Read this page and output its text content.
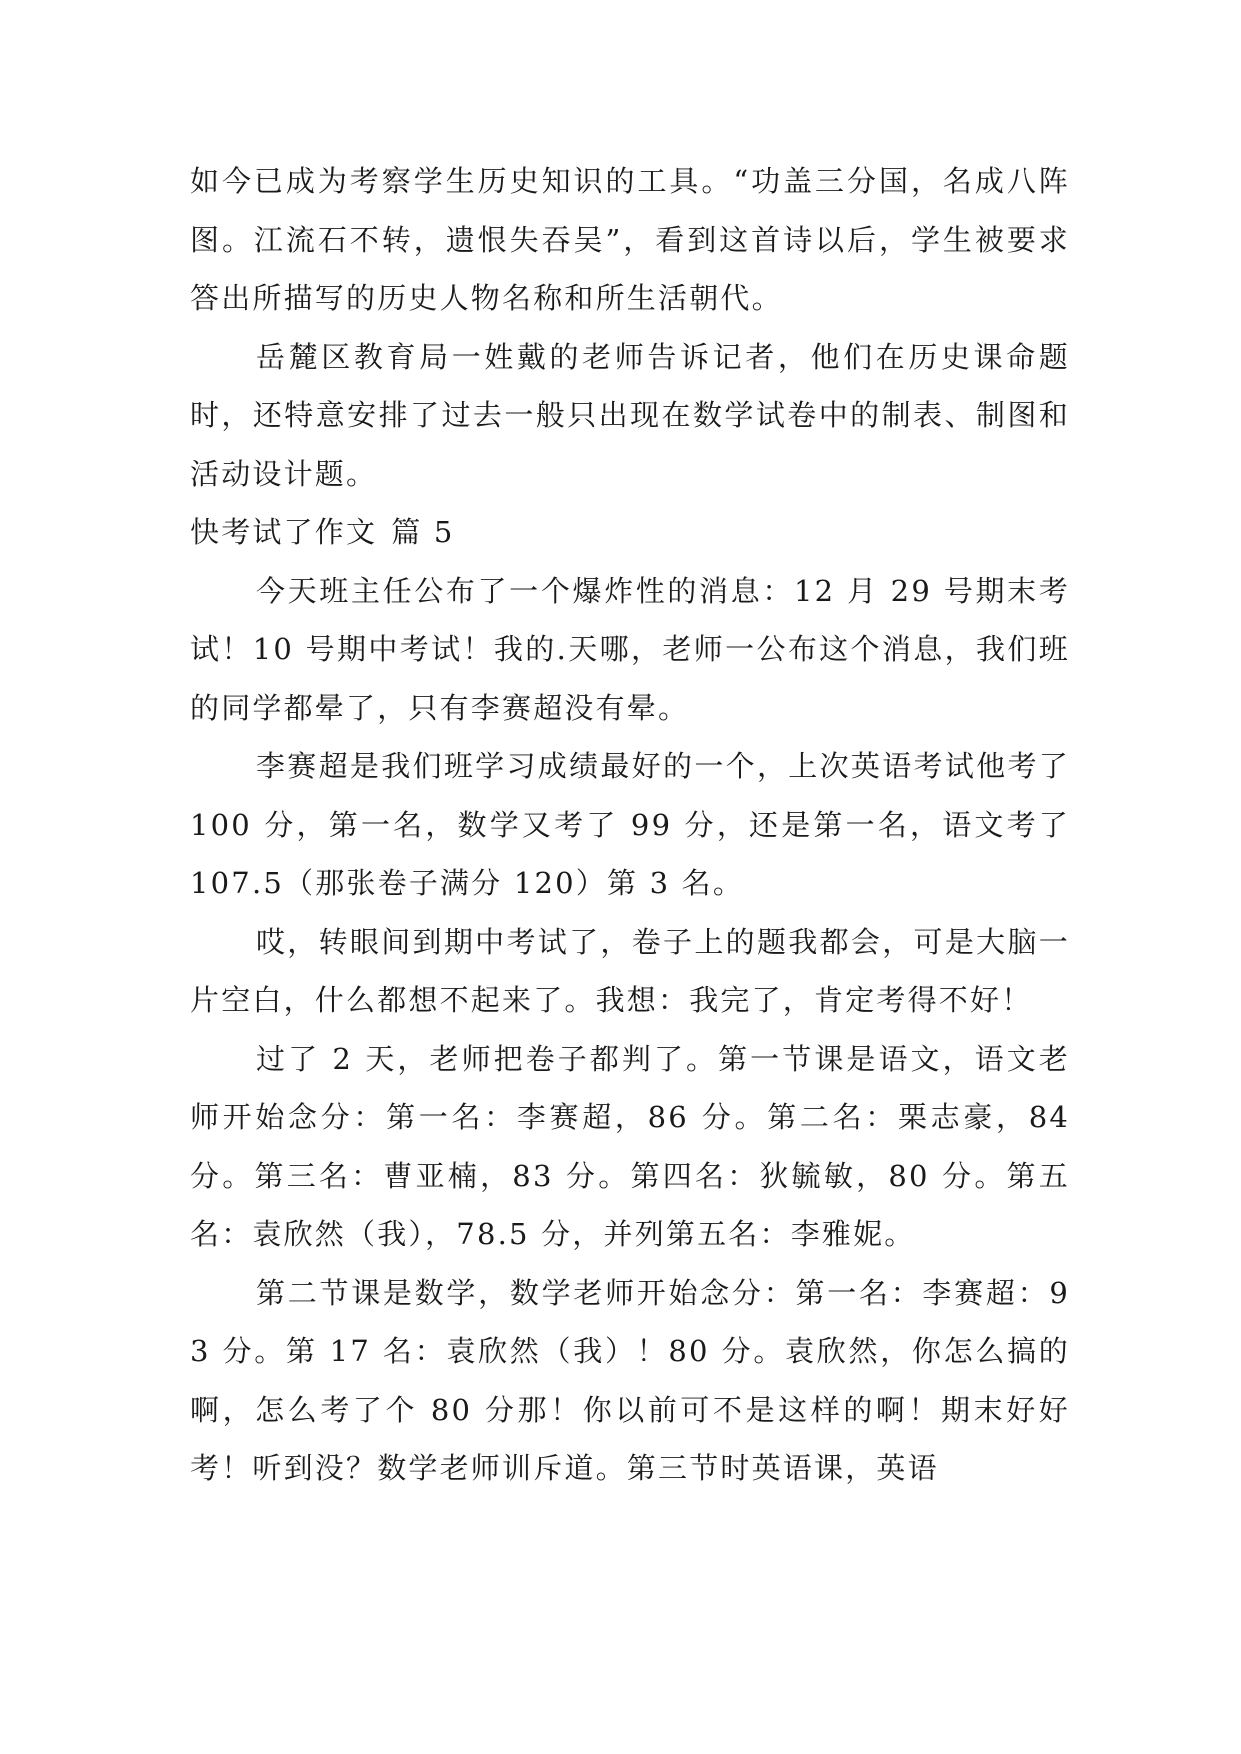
如今已成为考察学生历史知识的工具。“功盖三分国，名成八阵图。江流石不转，遗恨失吞吴”，看到这首诗以后，学生被要求答出所描写的历史人物名称和所生活朝代。

岳麓区教育局一姓戴的老师告诉记者，他们在历史课命题时，还特意安排了过去一般只出现在数学试卷中的制表、制图和活动设计题。

快考试了作文 篇 5

今天班主任公布了一个爆炸性的消息：12 月 29 号期末考试！10 号期中考试！我的.天哪，老师一公布这个消息，我们班的同学都晕了，只有李赛超没有晕。

李赛超是我们班学习成绩最好的一个，上次英语考试他考了 100 分，第一名，数学又考了 99 分，还是第一名，语文考了 107.5（那张卷子满分 120）第 3 名。

哎，转眼间到期中考试了，卷子上的题我都会，可是大脑一片空白，什么都想不起来了。我想：我完了，肯定考得不好！

过了 2 天，老师把卷子都判了。第一节课是语文，语文老师开始念分：第一名：李赛超，86 分。第二名：栗志豪，84 分。第三名：曹亚楠，83 分。第四名：狄毓敏，80 分。第五名：袁欣然（我），78.5 分，并列第五名：李雅妮。

第二节课是数学，数学老师开始念分：第一名：李赛超：93 分。第 17 名：袁欣然（我）！80 分。袁欣然，你怎么搞的啊，怎么考了个 80 分那！你以前可不是这样的啊！期末好好考！听到没？数学老师训斥道。第三节时英语课，英语
